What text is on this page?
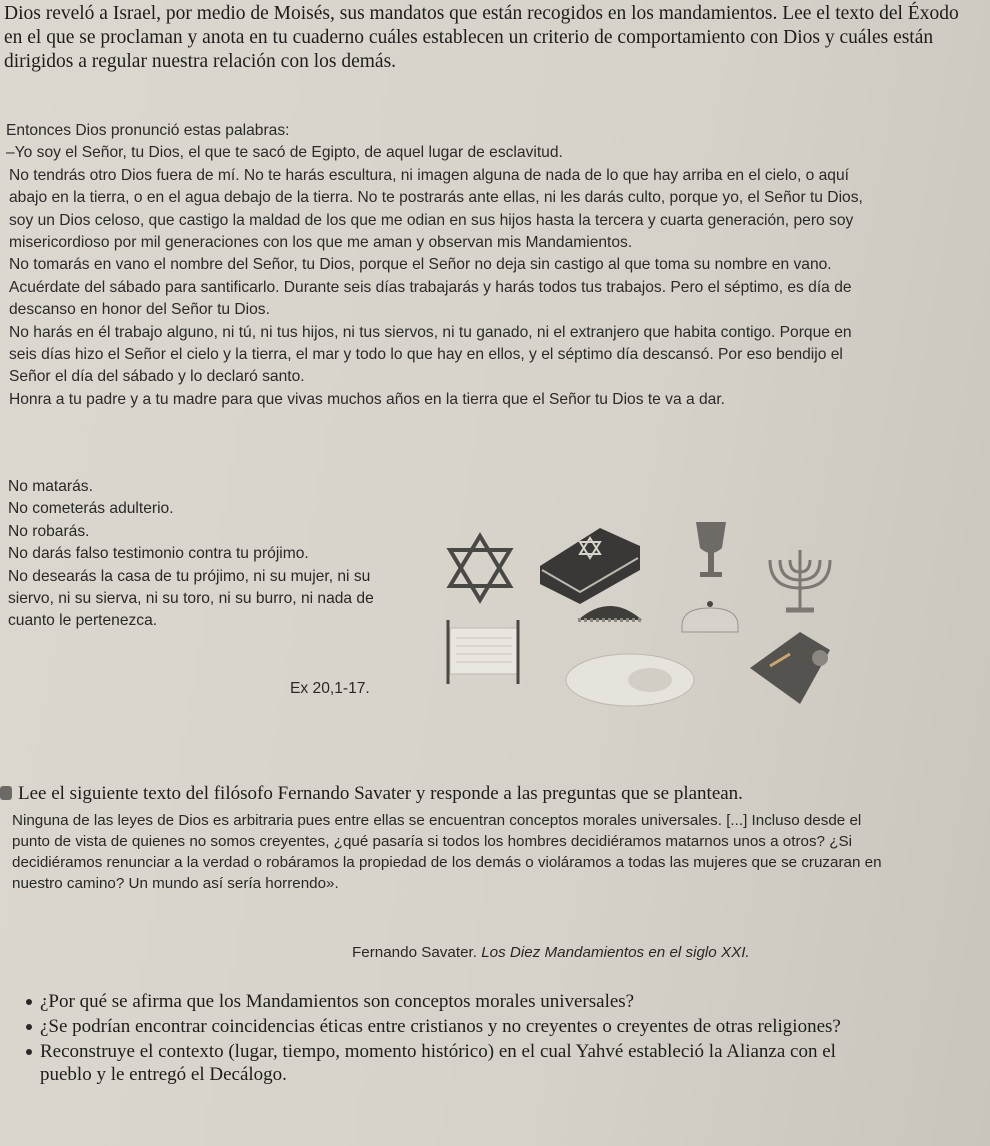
Dios reveló a Israel, por medio de Moisés, sus mandatos que están recogidos en los mandamientos. Lee el texto del Éxodo en el que se proclaman y anota en tu cuaderno cuáles establecen un criterio de comportamiento con Dios y cuáles están dirigidos a regular nuestra relación con los demás.

Entonces Dios pronunció estas palabras:

–Yo soy el Señor, tu Dios, el que te sacó de Egipto, de aquel lugar de esclavitud.

No tendrás otro Dios fuera de mí. No te harás escultura, ni imagen alguna de nada de lo que hay arriba en el cielo, o aquí abajo en la tierra, o en el agua debajo de la tierra. No te postrarás ante ellas, ni les darás culto, porque yo, el Señor tu Dios, soy un Dios celoso, que castigo la maldad de los que me odian en sus hijos hasta la tercera y cuarta generación, pero soy misericordioso por mil generaciones con los que me aman y observan mis Mandamientos.

No tomarás en vano el nombre del Señor, tu Dios, porque el Señor no deja sin castigo al que toma su nombre en vano.

Acuérdate del sábado para santificarlo. Durante seis días trabajarás y harás todos tus trabajos. Pero el séptimo, es día de descanso en honor del Señor tu Dios.

No harás en él trabajo alguno, ni tú, ni tus hijos, ni tus siervos, ni tu ganado, ni el extranjero que habita contigo. Porque en seis días hizo el Señor el cielo y la tierra, el mar y todo lo que hay en ellos, y el séptimo día descansó. Por eso bendijo el Señor el día del sábado y lo declaró santo.

Honra a tu padre y a tu madre para que vivas muchos años en la tierra que el Señor tu Dios te va a dar.

No matarás.

No cometerás adulterio.

No robarás.

No darás falso testimonio contra tu prójimo.

No desearás la casa de tu prójimo, ni su mujer, ni su siervo, ni su sierva, ni su toro, ni su burro, ni nada de cuanto le pertenezca.

Ex 20,1-17.
Lee el siguiente texto del filósofo Fernando Savater y responde a las preguntas que se plantean.
Ninguna de las leyes de Dios es arbitraria pues entre ellas se encuentran conceptos morales universales. [...] Incluso desde el punto de vista de quienes no somos creyentes, ¿qué pasaría si todos los hombres decidiéramos matarnos unos a otros? ¿Si decidiéramos renunciar a la verdad o robáramos la propiedad de los demás o violáramos a todas las mujeres que se cruzaran en nuestro camino? Un mundo así sería horrendo».
Fernando Savater. Los Diez Mandamientos en el siglo XXI.
¿Por qué se afirma que los Mandamientos son conceptos morales universales?
¿Se podrían encontrar coincidencias éticas entre cristianos y no creyentes o creyentes de otras religiones?
Reconstruye el contexto (lugar, tiempo, momento histórico) en el cual Yahvé estableció la Alianza con el pueblo y le entregó el Decálogo.
